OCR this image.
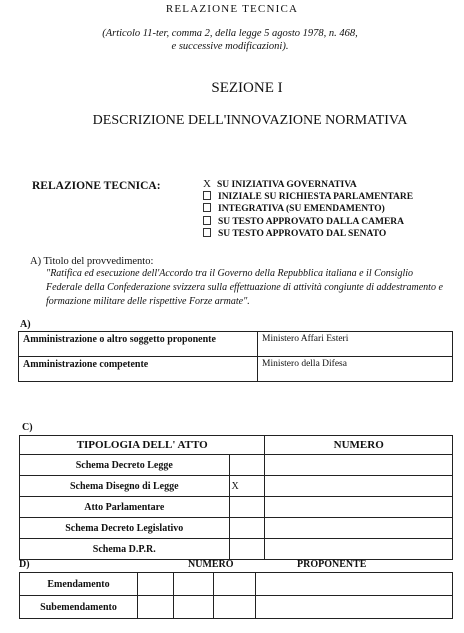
RELAZIONE TECNICA
(Articolo 11-ter, comma 2, della legge 5 agosto 1978, n. 468,
e successive modificazioni).
SEZIONE I
DESCRIZIONE DELL'INNOVAZIONE NORMATIVA
RELAZIONE TECNICA:	X SU INIZIATIVA GOVERNATIVA
INIZIALE SU RICHIESTA PARLAMENTARE
INTEGRATIVA (SU EMENDAMENTO)
SU TESTO APPROVATO DALLA CAMERA
SU TESTO APPROVATO DAL SENATO
A) Titolo del provvedimento:
"Ratifica ed esecuzione dell'Accordo tra il Governo della Repubblica italiana e il Consiglio Federale della Confederazione svizzera sulla effettuazione di attività congiunte di addestramento e formazione militare delle rispettive Forze armate".
A)
Amministrazione o altro soggetto proponente	Ministero Affari Esteri
Amministrazione competente	Ministero della Difesa
C)
TIPOLOGIA DELL' ATTO		NUMERO
Schema Decreto Legge		
Schema Disegno di Legge	X	
Atto Parlamentare		
Schema Decreto Legislativo		
Schema D.P.R.		
D)	NUMERO	PROPONENTE
Emendamento				
Subemendamento				
